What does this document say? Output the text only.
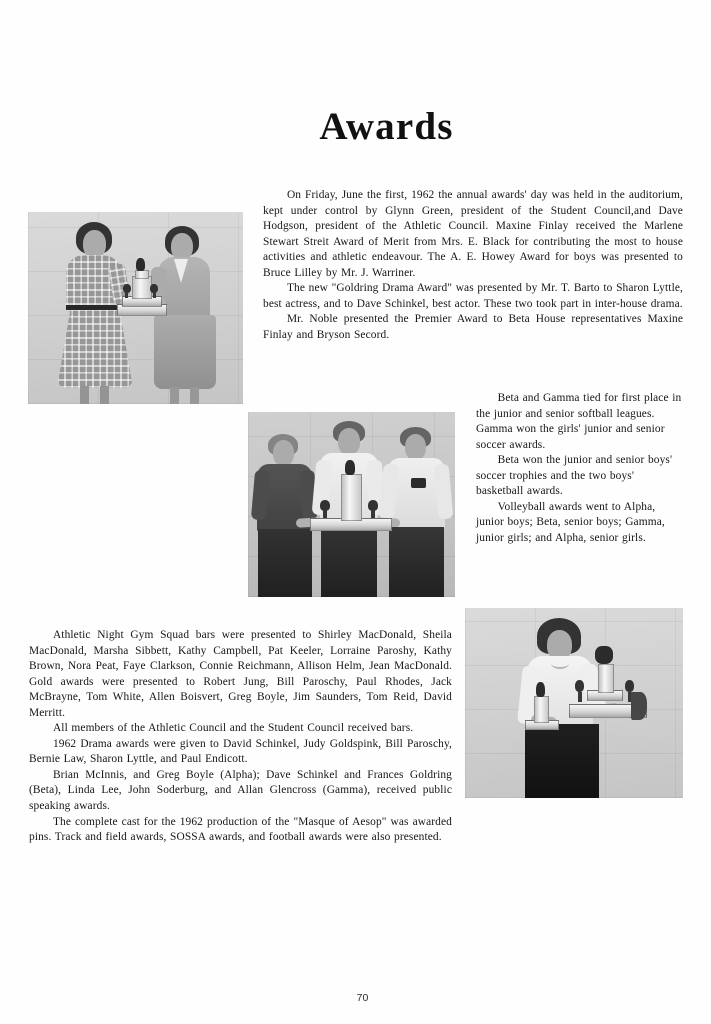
Awards

On Friday, June the first, 1962 the annual awards' day was held in the auditorium, kept under control by Glynn Green, president of the Student Council,and Dave Hodgson, president of the Athletic Council. Maxine Finlay received the Marlene Stewart Streit Award of Merit from Mrs. E. Black for contributing the most to house activities and athletic endeavour. The A. E. Howey Award for boys was presented to Bruce Lilley by Mr. J. Warriner.

The new "Goldring Drama Award" was presented by Mr. T. Barto to Sharon Lyttle, best actress, and to Dave Schinkel, best actor. These two took part in inter-house drama.

Mr. Noble presented the Premier Award to Beta House representatives Maxine Finlay and Bryson Secord.

Beta and Gamma tied for first place in the junior and senior softball leagues. Gamma won the girls' junior and senior soccer awards.

Beta won the junior and senior boys' soccer trophies and the two boys' basketball awards.

Volleyball awards went to Alpha, junior boys; Beta, senior boys; Gamma, junior girls; and Alpha, senior girls.

Athletic Night Gym Squad bars were presented to Shirley MacDonald, Sheila MacDonald, Marsha Sibbett, Kathy Campbell, Pat Keeler, Lorraine Paroshy, Kathy Brown, Nora Peat, Faye Clarkson, Connie Reichmann, Allison Helm, Jean MacDonald. Gold awards were presented to Robert Jung, Bill Paroschy, Paul Rhodes, Jack McBrayne, Tom White, Allen Boisvert, Greg Boyle, Jim Saunders, Tom Reid, David Merritt.

All members of the Athletic Council and the Student Council received bars.

1962 Drama awards were given to David Schinkel, Judy Goldspink, Bill Paroschy, Bernie Law, Sharon Lyttle, and Paul Endicott.

Brian McInnis, and Greg Boyle (Alpha); Dave Schinkel and Frances Goldring (Beta), Linda Lee, John Soderburg, and Allan Glencross (Gamma), received public speaking awards.

The complete cast for the 1962 production of the "Masque of Aesop" was awarded pins. Track and field awards, SOSSA awards, and football awards were also presented.

70
